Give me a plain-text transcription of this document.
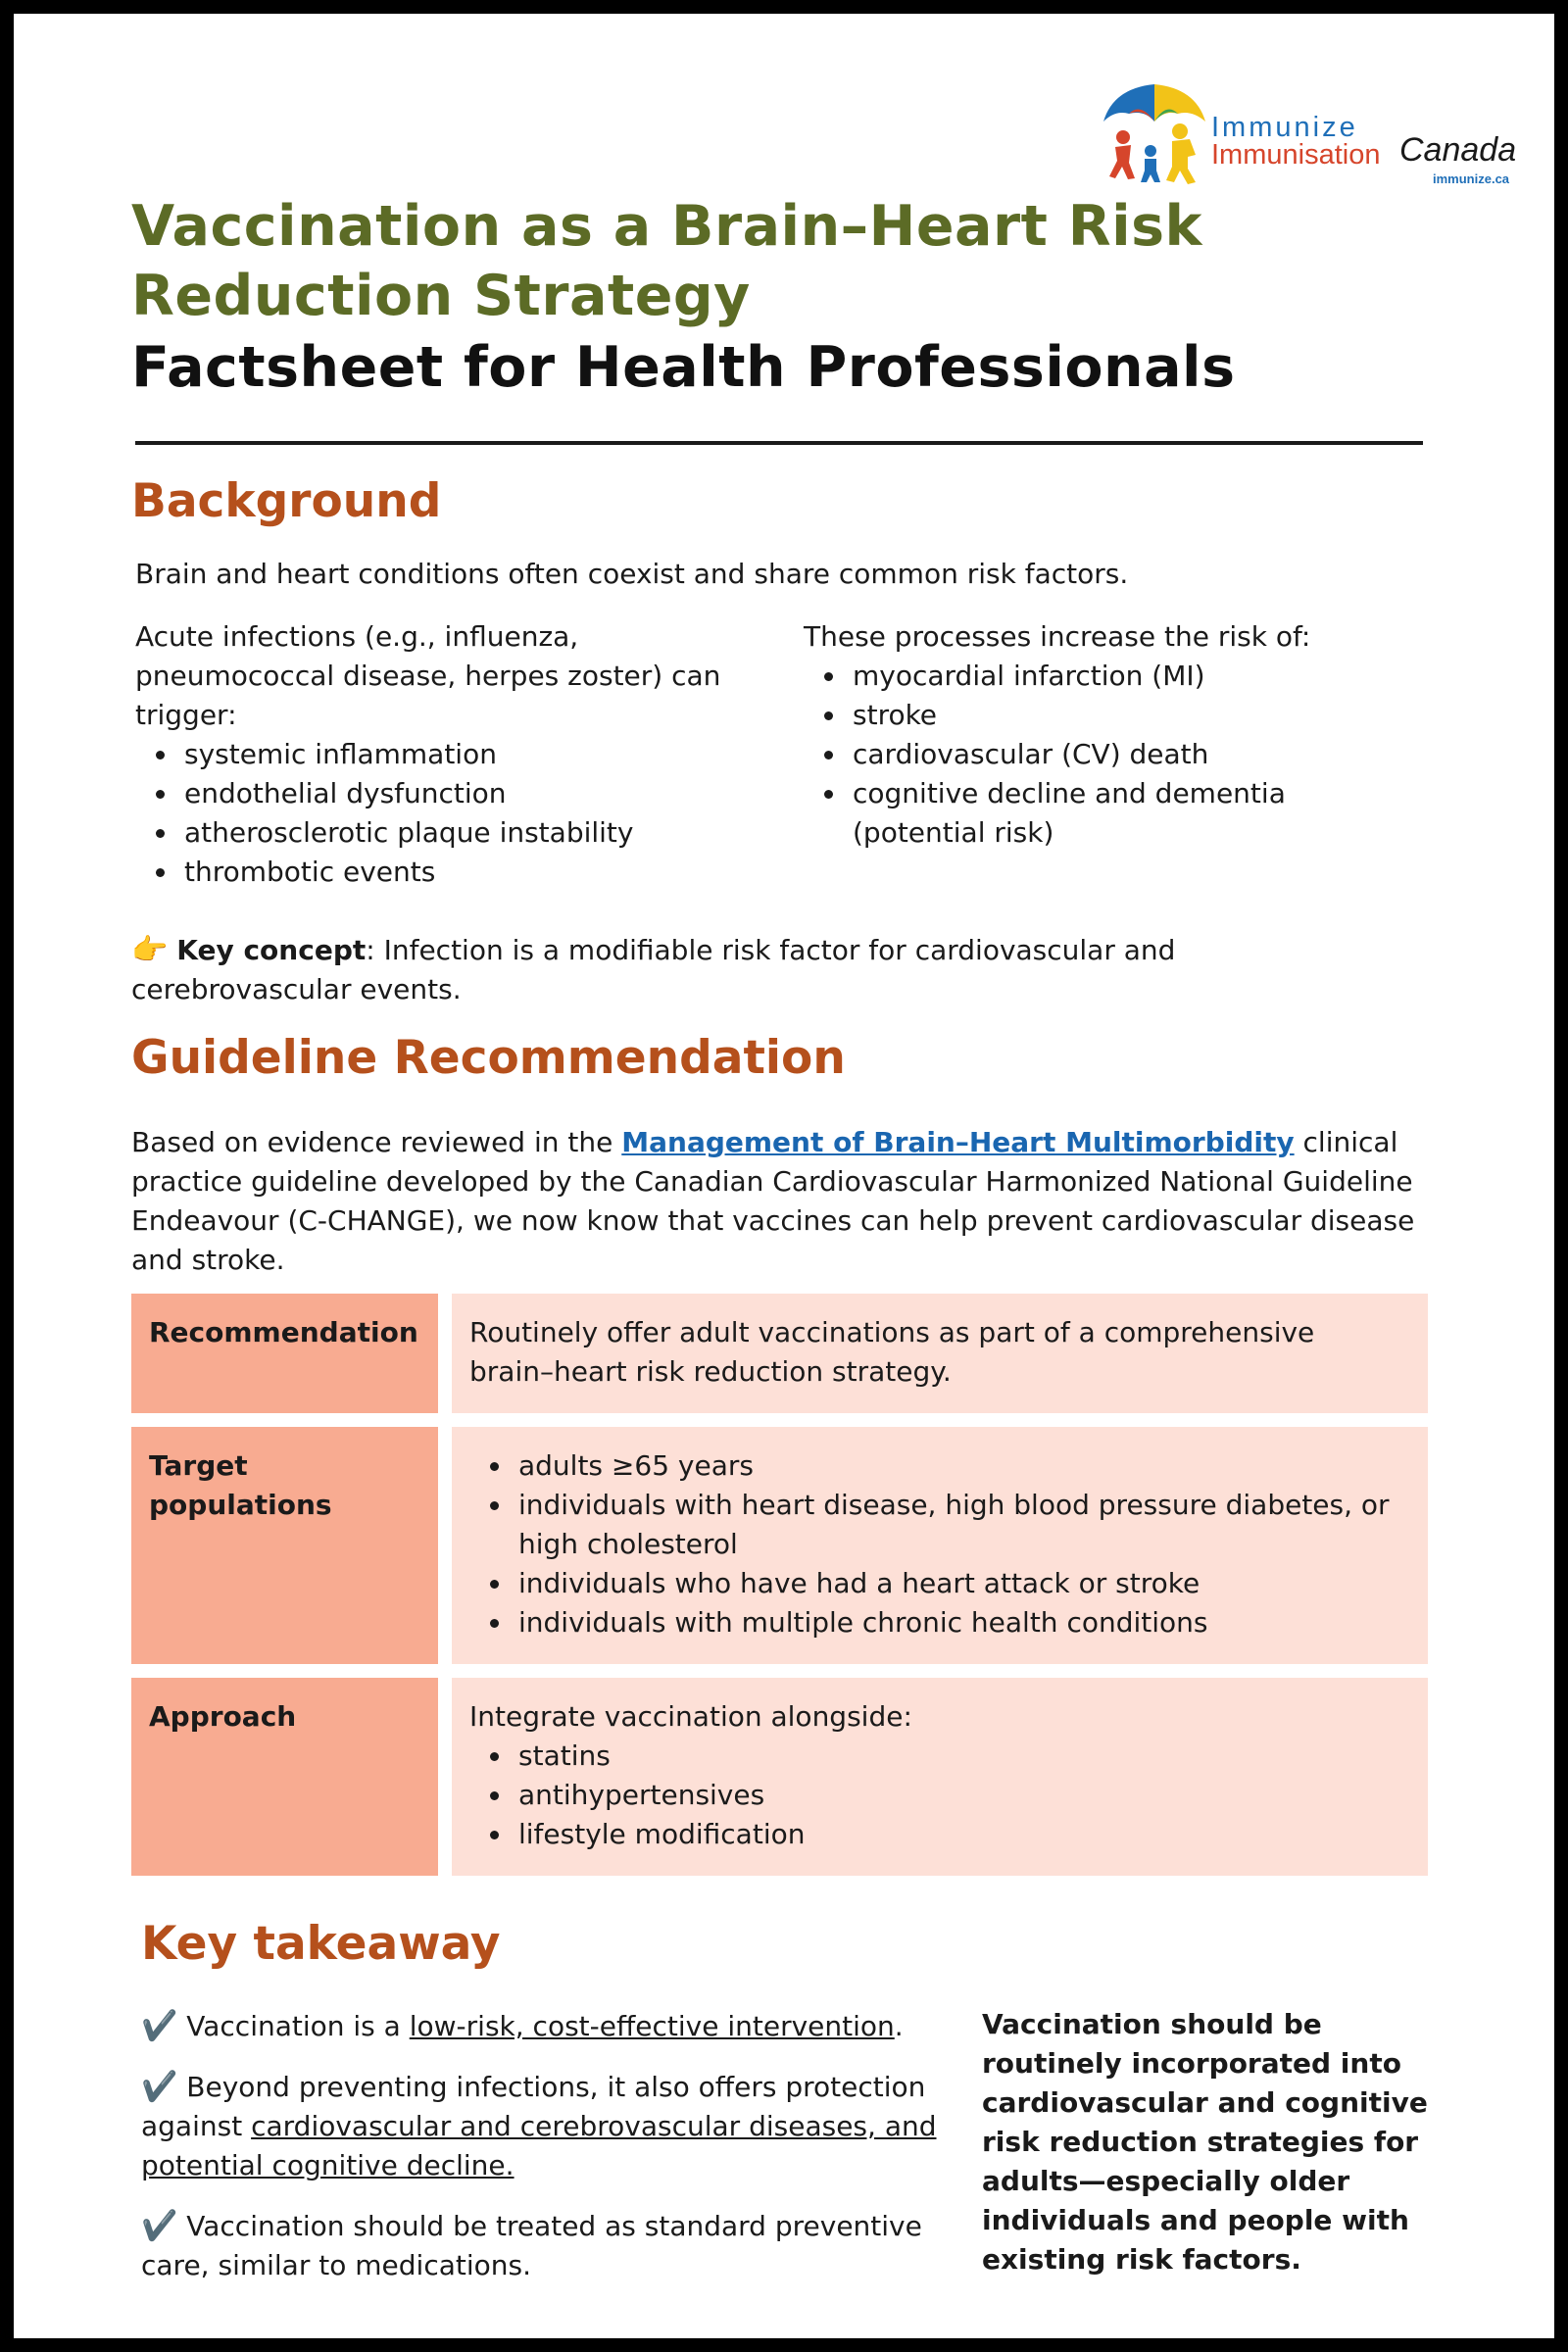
Immunize
Immunisation Canada
immunize.ca
Vaccination as a Brain–Heart Risk
Reduction Strategy
Factsheet for Health Professionals
Background
Brain and heart conditions often coexist and share common risk factors.
Acute infections (e.g., influenza, pneumococcal disease, herpes zoster) can trigger:
systemic inflammation
endothelial dysfunction
atherosclerotic plaque instability
thrombotic events
These processes increase the risk of:
myocardial infarction (MI)
stroke
cardiovascular (CV) death
cognitive decline and dementia (potential risk)
👉 Key concept: Infection is a modifiable risk factor for cardiovascular and cerebrovascular events.
Guideline Recommendation
Based on evidence reviewed in the Management of Brain–Heart Multimorbidity clinical practice guideline developed by the Canadian Cardiovascular Harmonized National Guideline Endeavour (C-CHANGE), we now know that vaccines can help prevent cardiovascular disease and stroke.
Recommendation Routinely offer adult vaccinations as part of a comprehensive brain–heart risk reduction strategy.
Target populations
adults ≥65 years
individuals with heart disease, high blood pressure diabetes, or high cholesterol
individuals who have had a heart attack or stroke
individuals with multiple chronic health conditions
Approach	Integrate vaccination alongside:
statins
antihypertensives
lifestyle modification
Key takeaway
✔️ Vaccination is a low-risk, cost-effective intervention.
✔️ Beyond preventing infections, it also offers protection against cardiovascular and cerebrovascular diseases, and potential cognitive decline.
✔️ Vaccination should be treated as standard preventive care, similar to medications.
Vaccination should be routinely incorporated into cardiovascular and cognitive risk reduction strategies for adults—especially older individuals and people with existing risk factors.
